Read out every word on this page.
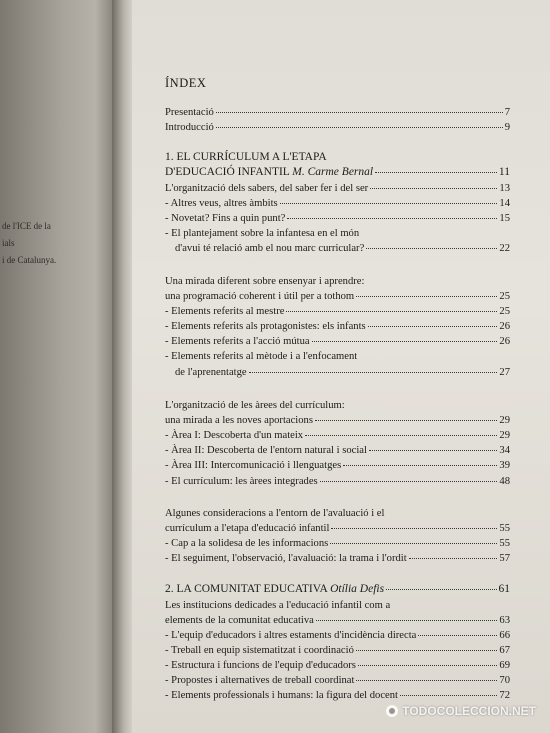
de l'ICE de la
ials
i de Catalunya.
ÍNDEX
Presentació	7
Introducció	9
1. EL CURRÍCULUM A L'ETAPA
D'EDUCACIÓ INFANTIL M. Carme Bernal	11
L'organització dels sabers, del saber fer i del ser	13
- Altres veus, altres àmbits	14
- Novetat? Fins a quin punt?	15
- El plantejament sobre la infantesa en el món
d'avui té relació amb el nou marc curricular?	22
Una mirada diferent sobre ensenyar i aprendre:
una programació coherent i útil per a tothom	25
- Elements referits al mestre	25
- Elements referits als protagonistes: els infants	26
- Elements referits a l'acció mútua	26
- Elements referits al mètode i a l'enfocament
de l'aprenentatge	27
L'organització de les àrees del currículum:
una mirada a les noves aportacions	29
- Àrea I: Descoberta d'un mateix	29
- Àrea II: Descoberta de l'entorn natural i social	34
- Àrea III: Intercomunicació i llenguatges	39
- El currículum: les àrees integrades	48
Algunes consideracions a l'entorn de l'avaluació i el
currículum a l'etapa d'educació infantil	55
- Cap a la solidesa de les informacions	55
- El seguiment, l'observació, l'avaluació: la trama i l'ordit	57
2. LA COMUNITAT EDUCATIVA Otília Defis	61
Les institucions dedicades a l'educació infantil com a
elements de la comunitat educativa	63
- L'equip d'educadors i altres estaments d'incidència directa	66
- Treball en equip sistematitzat i coordinació	67
- Estructura i funcions de l'equip d'educadors	69
- Propostes i alternatives de treball coordinat	70
- Elements professionals i humans: la figura del docent	72
TODOCOLECCION.NET
